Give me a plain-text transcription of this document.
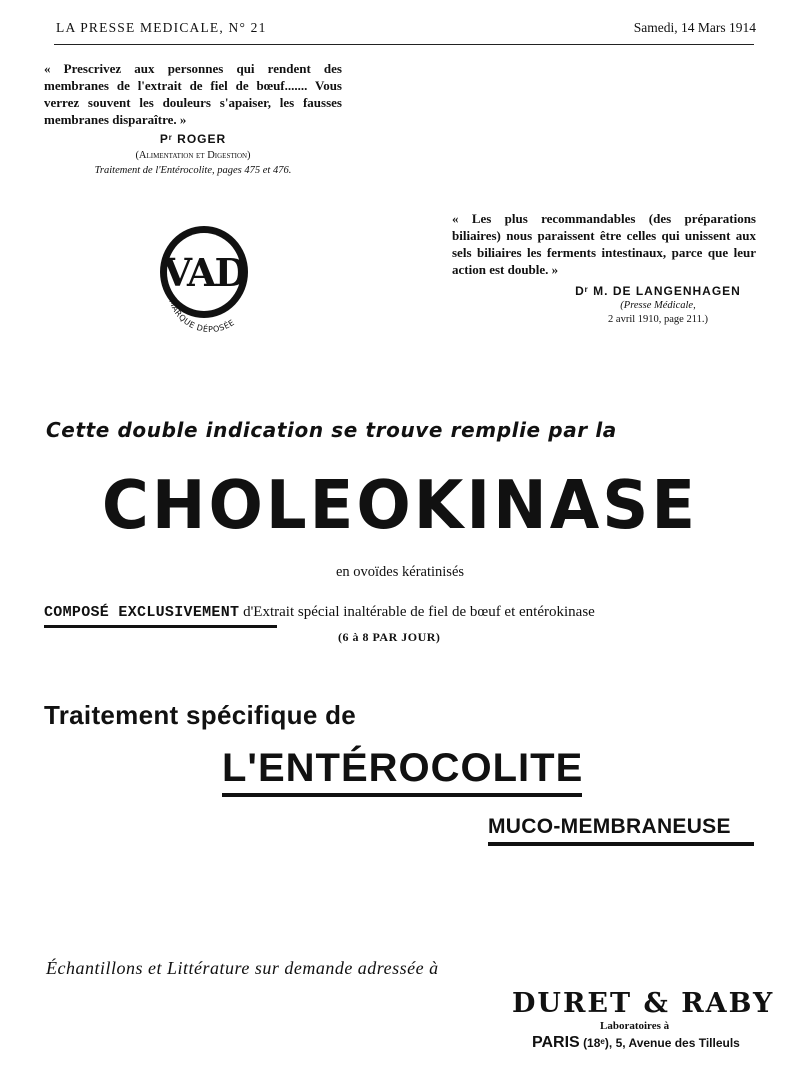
LA PRESSE MEDICALE, N° 21	Samedi, 14 Mars 1914
« Prescrivez aux personnes qui rendent des membranes de l'extrait de fiel de bœuf....... Vous verrez souvent les douleurs s'apaiser, les fausses membranes disparaître. »
Pʳ ROGER
(Alimentation et Digestion)
Traitement de l'Entérocolite, pages 475 et 476.
VAD
MARQUE DÉPOSÉE
« Les plus recommandables (des préparations biliaires) nous paraissent être celles qui unissent aux sels biliaires les ferments intestinaux, parce que leur action est double. »
Dʳ M. DE LANGENHAGEN
(Presse Médicale,
2 avril 1910, page 211.)
Cette double indication se trouve remplie par la
CHOLEOKINASE
en ovoïdes kératinisés
COMPOSÉ EXCLUSIVEMENT d'Extrait spécial inaltérable de fiel de bœuf et entérokinase
(6 à 8 PAR JOUR)
Traitement spécifique de
L'ENTÉROCOLITE
MUCO-MEMBRANEUSE
Échantillons et Littérature sur demande adressée à
DURET & RABY
Laboratoires à
PARIS (18ᵉ), 5, Avenue des Tilleuls
